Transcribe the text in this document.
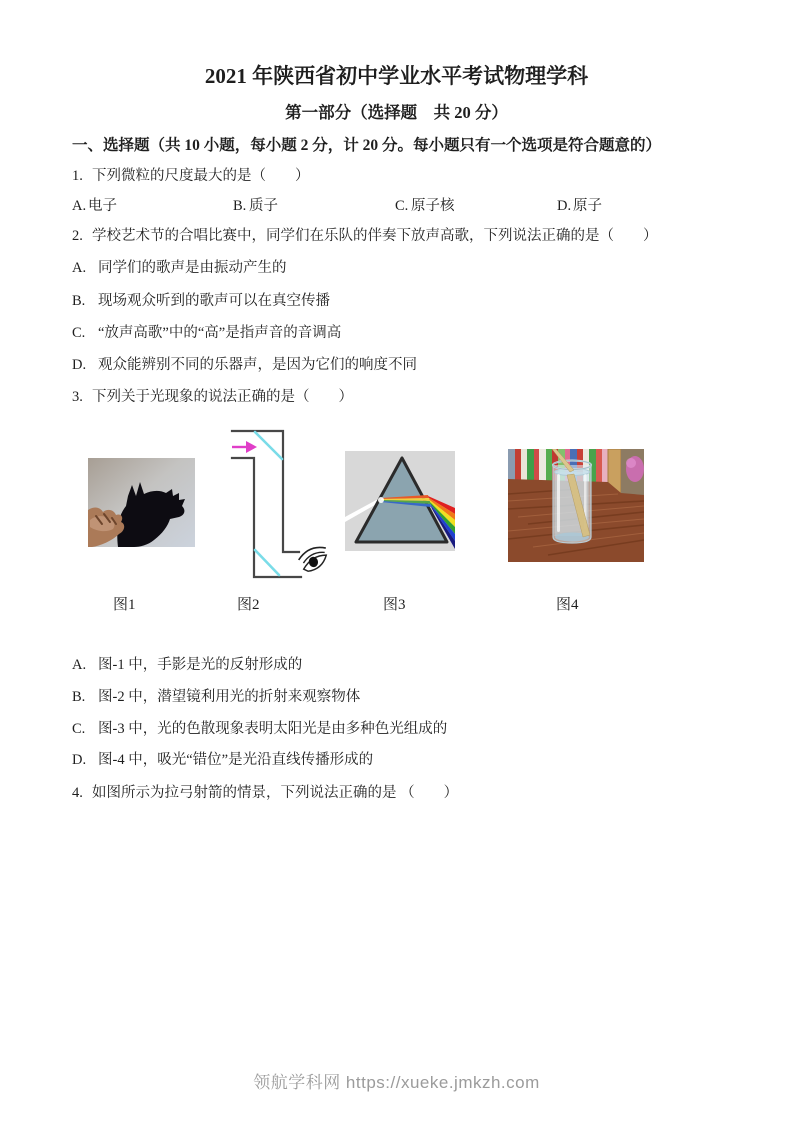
2021 年陕西省初中学业水平考试物理学科
第一部分（选择题　共 20 分）
一、选择题（共 10 小题，每小题 2 分，计 20 分。每小题只有一个选项是符合题意的）
1. 下列微粒的尺度最大的是（　　）
A. 电子	B. 质子	C. 原子核	D. 原子
2. 学校艺术节的合唱比赛中，同学们在乐队的伴奏下放声高歌，下列说法正确的是（　　）
A. 同学们的歌声是由振动产生的
B. 现场观众听到的歌声可以在真空传播
C. “放声高歌”中的“高”是指声音的音调高
D. 观众能辨别不同的乐器声，是因为它们的响度不同
3. 下列关于光现象的说法正确的是（　　）
图1	图2	图3	图4
A. 图-1 中，手影是光的反射形成的
B. 图-2 中，潜望镜利用光的折射来观察物体
C. 图-3 中，光的色散现象表明太阳光是由多种色光组成的
D. 图-4 中，吸光“错位”是光沿直线传播形成的
4. 如图所示为拉弓射箭的情景，下列说法正确的是 （　　）
领航学科网 https://xueke.jmkzh.com
